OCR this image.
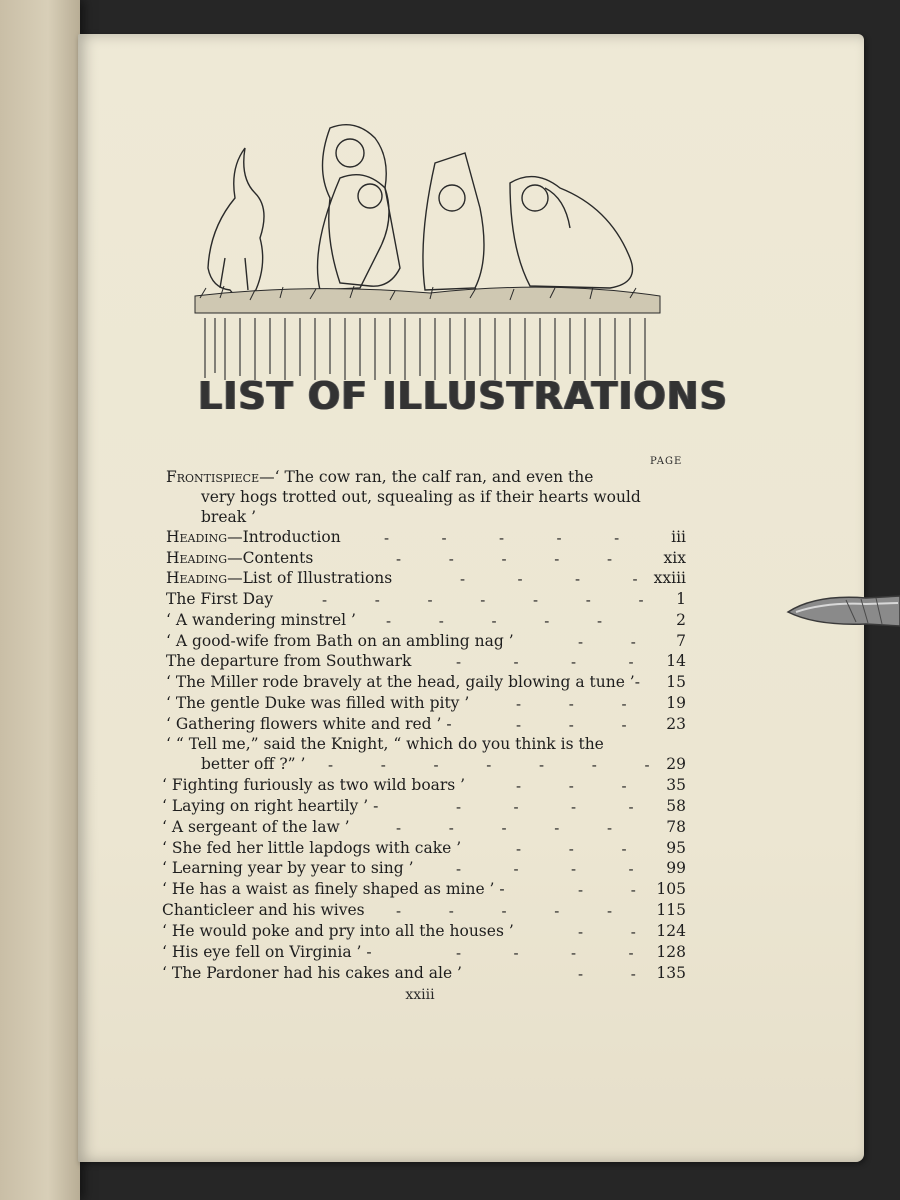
LIST OF ILLUSTRATIONS
PAGE
Frontispiece—‘ The cow ran, the calf ran, and even the
very hogs trotted out, squealing as if their hearts would
break ’
Heading—Introduction	-           -           -           -           -	iii
Heading—Contents	-          -          -          -          -	xix
Heading—List of Illustrations	-           -           -           -	xxiii
The First Day	-          -          -          -          -          -          -	1
‘ A wandering minstrel ’ -          -          -          -          -	2
‘ A good-wife from Bath on an ambling nag ’	-          -	7
The departure from Southwark	-           -           -           -	14
‘ The Miller rode bravely at the head, gaily blowing a tune ’-	15
‘ The gentle Duke was filled with pity ’	-          -          -	19
‘ Gathering flowers white and red ’ -	-          -          -	23
‘ “ Tell me,” said the Knight, “ which do you think is the
better off ?” ’ -          -          -          -          -          -          -	29
‘ Fighting furiously as two wild boars ’	-          -          -	35
‘ Laying on right heartily ’ -	-           -           -           -	58
‘ A sergeant of the law ’	-          -          -          -          -	78
‘ She fed her little lapdogs with cake ’	-          -          -	95
‘ Learning year by year to sing ’	-           -           -           -	99
‘ He has a waist as finely shaped as mine ’ -	-          -	105
Chanticleer and his wives -          -          -          -          -	115
‘ He would poke and pry into all the houses ’	-          -	124
‘ His eye fell on Virginia ’ -	-           -           -           -	128
‘ The Pardoner had his cakes and ale ’	-          -	135
xxiii
